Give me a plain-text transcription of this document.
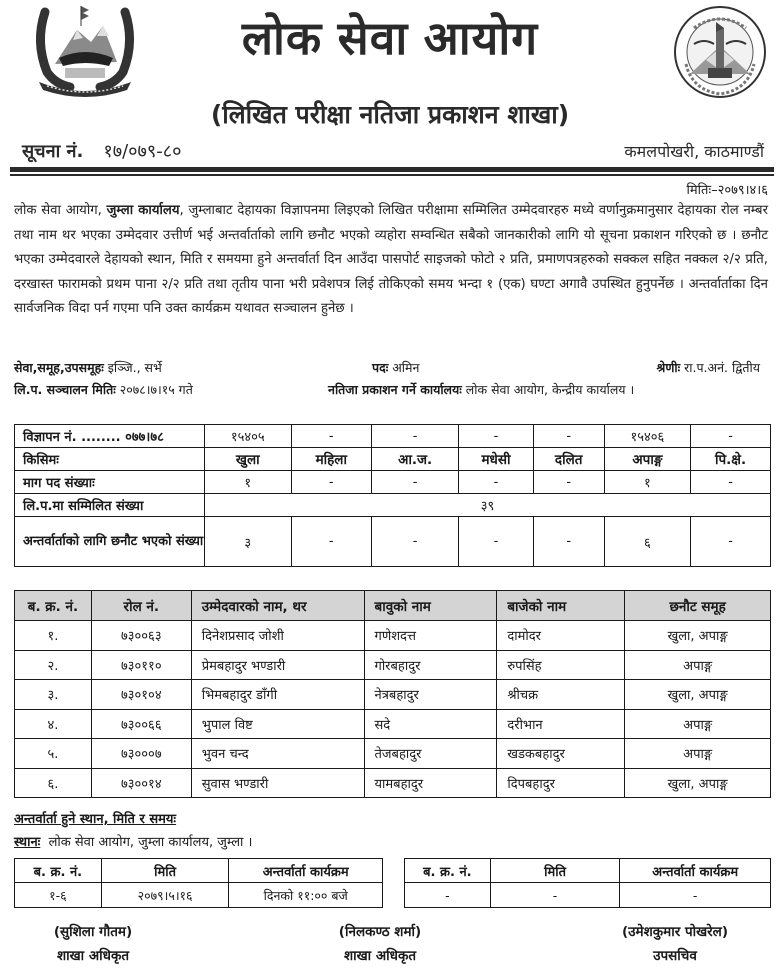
लोक सेवा आयोग
(लिखित परीक्षा नतिजा प्रकाशन शाखा)
सूचना नं. १७/०७९-८०	कमलपोखरी, काठमाण्डौं
मितिः–२०७९।४।६
लोक सेवा आयोग, जुम्ला कार्यालय, जुम्लाबाट देहायका विज्ञापनमा लिइएको लिखित परीक्षामा सम्मिलित उम्मेदवारहरु मध्ये वर्णानुक्रमानुसार देहायका रोल नम्बर तथा नाम थर भएका उम्मेदवार उत्तीर्ण भई अन्तर्वार्ताको लागि छनौट भएको व्यहोरा सम्वन्धित सबैको जानकारीको लागि यो सूचना प्रकाशन गरिएको छ । छनौट भएका उम्मेदवारले देहायको स्थान, मिति र समयमा हुने अन्तर्वार्ता दिन आउँदा पासपोर्ट साइजको फोटो २ प्रति, प्रमाणपत्रहरुको सक्कल सहित नक्कल २/२ प्रति, दरखास्त फारामको प्रथम पाना २/२ प्रति तथा तृतीय पाना भरी प्रवेशपत्र लिई तोकिएको समय भन्दा १ (एक) घण्टा अगावै उपस्थित हुनुपर्नेछ । अन्तर्वार्ताका दिन सार्वजनिक विदा पर्न गएमा पनि उक्त कार्यक्रम यथावत सञ्चालन हुनेछ ।
सेवा,समूह,उपसमूहः इञ्जि., सर्भे	पदः अमिन	श्रेणीः रा.प.अनं. द्वितीय
लि.प. सञ्चालन मितिः २०७८।७।१५ गते	नतिजा प्रकाशन गर्ने कार्यालयः लोक सेवा आयोग, केन्द्रीय कार्यालय ।
विज्ञापन नं. ........ ०७७।७८	१५४०५	-	-	-	-	१५४०६	-
किसिमः	खुला	महिला	आ.ज.	मधेसी	दलित	अपाङ्ग	पि.क्षे.
माग पद संख्याः	१	-	-	-	-	१	-
लि.प.मा सम्मिलित संख्या	३९						
अन्तर्वार्ताको लागि छनौट भएको संख्या	३	-	-	-	-	६	-
ब. क्र. नं.	रोल नं.	उम्मेदवारको नाम, थर	बावुको नाम	बाजेको नाम	छनौट समूह
१.	७३००६३	दिनेशप्रसाद जोशी	गणेशदत्त	दामोदर	खुला, अपाङ्ग
२.	७३०११०	प्रेमबहादुर भण्डारी	गोरबहादुर	रुपसिंह	अपाङ्ग
३.	७३०१०४	भिमबहादुर डाँगी	नेत्रबहादुर	श्रीचक्र	खुला, अपाङ्ग
४.	७३००६६	भुपाल विष्ट	सदे	दरीभान	अपाङ्ग
५.	७३०००७	भुवन चन्द	तेजबहादुर	खडकबहादुर	अपाङ्ग
६.	७३००१४	सुवास भण्डारी	यामबहादुर	दिपबहादुर	खुला, अपाङ्ग
अन्तर्वार्ता हुने स्थान, मिति र समयः
स्थानः लोक सेवा आयोग, जुम्ला कार्यालय, जुम्ला ।
ब. क्र. नं.	मिति	अन्तर्वार्ता कार्यक्रम
१-६	२०७९।५।१६	दिनको ११:०० बजे
ब. क्र. नं.	मिति	अन्तर्वार्ता कार्यक्रम
-	-	-
(सुशिला गौतम)
शाखा अधिकृत
(निलकण्ठ शर्मा)
शाखा अधिकृत
(उमेशकुमार पोखरेल)
उपसचिव
